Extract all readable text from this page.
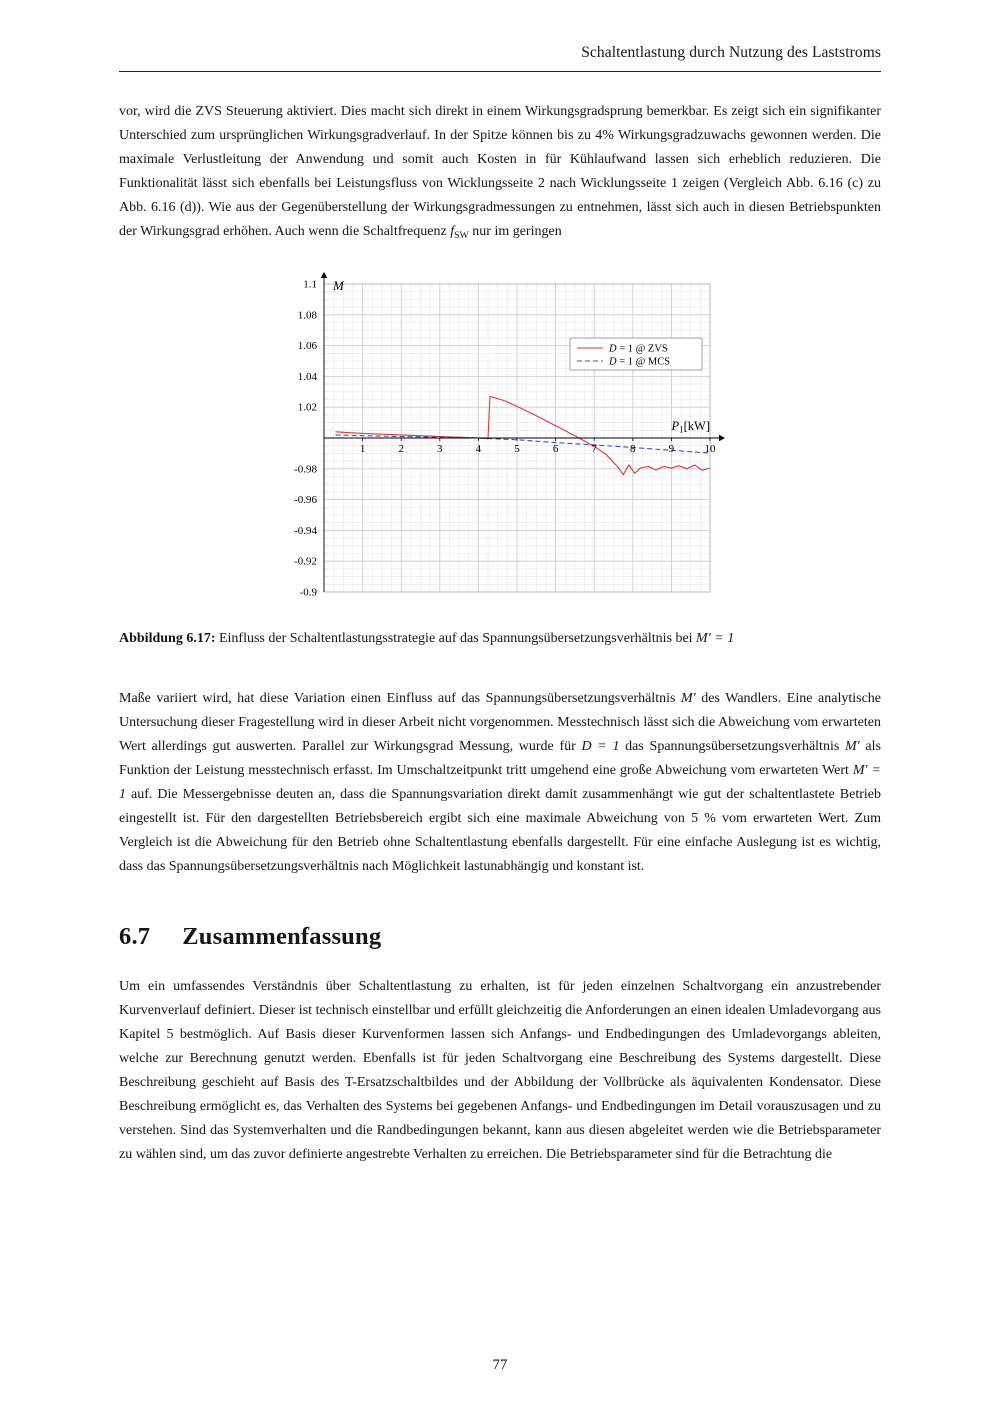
Schaltentlastung durch Nutzung des Laststroms

vor, wird die ZVS Steuerung aktiviert. Dies macht sich direkt in einem Wirkungsgradsprung bemerkbar. Es zeigt sich ein signifikanter Unterschied zum ursprünglichen Wirkungsgradverlauf. In der Spitze können bis zu 4% Wirkungsgradzuwachs gewonnen werden. Die maximale Verlustleitung der Anwendung und somit auch Kosten in für Kühlaufwand lassen sich erheblich reduzieren. Die Funktionalität lässt sich ebenfalls bei Leistungsfluss von Wicklungsseite 2 nach Wicklungsseite 1 zeigen (Vergleich Abb. 6.16 (c) zu Abb. 6.16 (d)). Wie aus der Gegenüberstellung der Wirkungsgradmessungen zu entnehmen, lässt sich auch in diesen Betriebspunkten der Wirkungsgrad erhöhen. Auch wenn die Schaltfrequenz $f_{SW}$ nur im geringen

M
1	2	3	4	5	6	7	8	9	10
1.1
1.08
1.06
1.04
1.02
-0.98
-0.96
-0.94
-0.92
-0.9
$P_1[kW]$
D = 1 @ ZVS
D = 1 @ MCS
Abbildung 6.17: Einfluss der Schaltentlastungsstrategie auf das Spannungsübersetzungsverhältnis bei M′ = 1

Maße variiert wird, hat diese Variation einen Einfluss auf das Spannungsübersetzungsverhältnis M′ des Wandlers. Eine analytische Untersuchung dieser Fragestellung wird in dieser Arbeit nicht vorgenommen. Messtechnisch lässt sich die Abweichung vom erwarteten Wert allerdings gut auswerten. Parallel zur Wirkungsgrad Messung, wurde für D = 1 das Spannungsübersetzungsverhältnis M′ als Funktion der Leistung messtechnisch erfasst. Im Umschaltzeitpunkt tritt umgehend eine große Abweichung vom erwarteten Wert M′ = 1 auf. Die Messergebnisse deuten an, dass die Spannungsvariation direkt damit zusammenhängt wie gut der schaltentlastete Betrieb eingestellt ist. Für den dargestellten Betriebsbereich ergibt sich eine maximale Abweichung von 5 % vom erwarteten Wert. Zum Vergleich ist die Abweichung für den Betrieb ohne Schaltentlastung ebenfalls dargestellt. Für eine einfache Auslegung ist es wichtig, dass das Spannungsübersetzungsverhältnis nach Möglichkeit lastunabhängig und konstant ist.

6.7 Zusammenfassung

Um ein umfassendes Verständnis über Schaltentlastung zu erhalten, ist für jeden einzelnen Schaltvorgang ein anzustrebender Kurvenverlauf definiert. Dieser ist technisch einstellbar und erfüllt gleichzeitig die Anforderungen an einen idealen Umladevorgang aus Kapitel 5 bestmöglich. Auf Basis dieser Kurvenformen lassen sich Anfangs- und Endbedingungen des Umladevorgangs ableiten, welche zur Berechnung genutzt werden. Ebenfalls ist für jeden Schaltvorgang eine Beschreibung des Systems dargestellt. Diese Beschreibung geschieht auf Basis des T-Ersatzschaltbildes und der Abbildung der Vollbrücke als äquivalenten Kondensator. Diese Beschreibung ermöglicht es, das Verhalten des Systems bei gegebenen Anfangs- und Endbedingungen im Detail vorauszusagen und zu verstehen. Sind das Systemverhalten und die Randbedingungen bekannt, kann aus diesen abgeleitet werden wie die Betriebsparameter zu wählen sind, um das zuvor definierte angestrebte Verhalten zu erreichen. Die Betriebsparameter sind für die Betrachtung die

77
